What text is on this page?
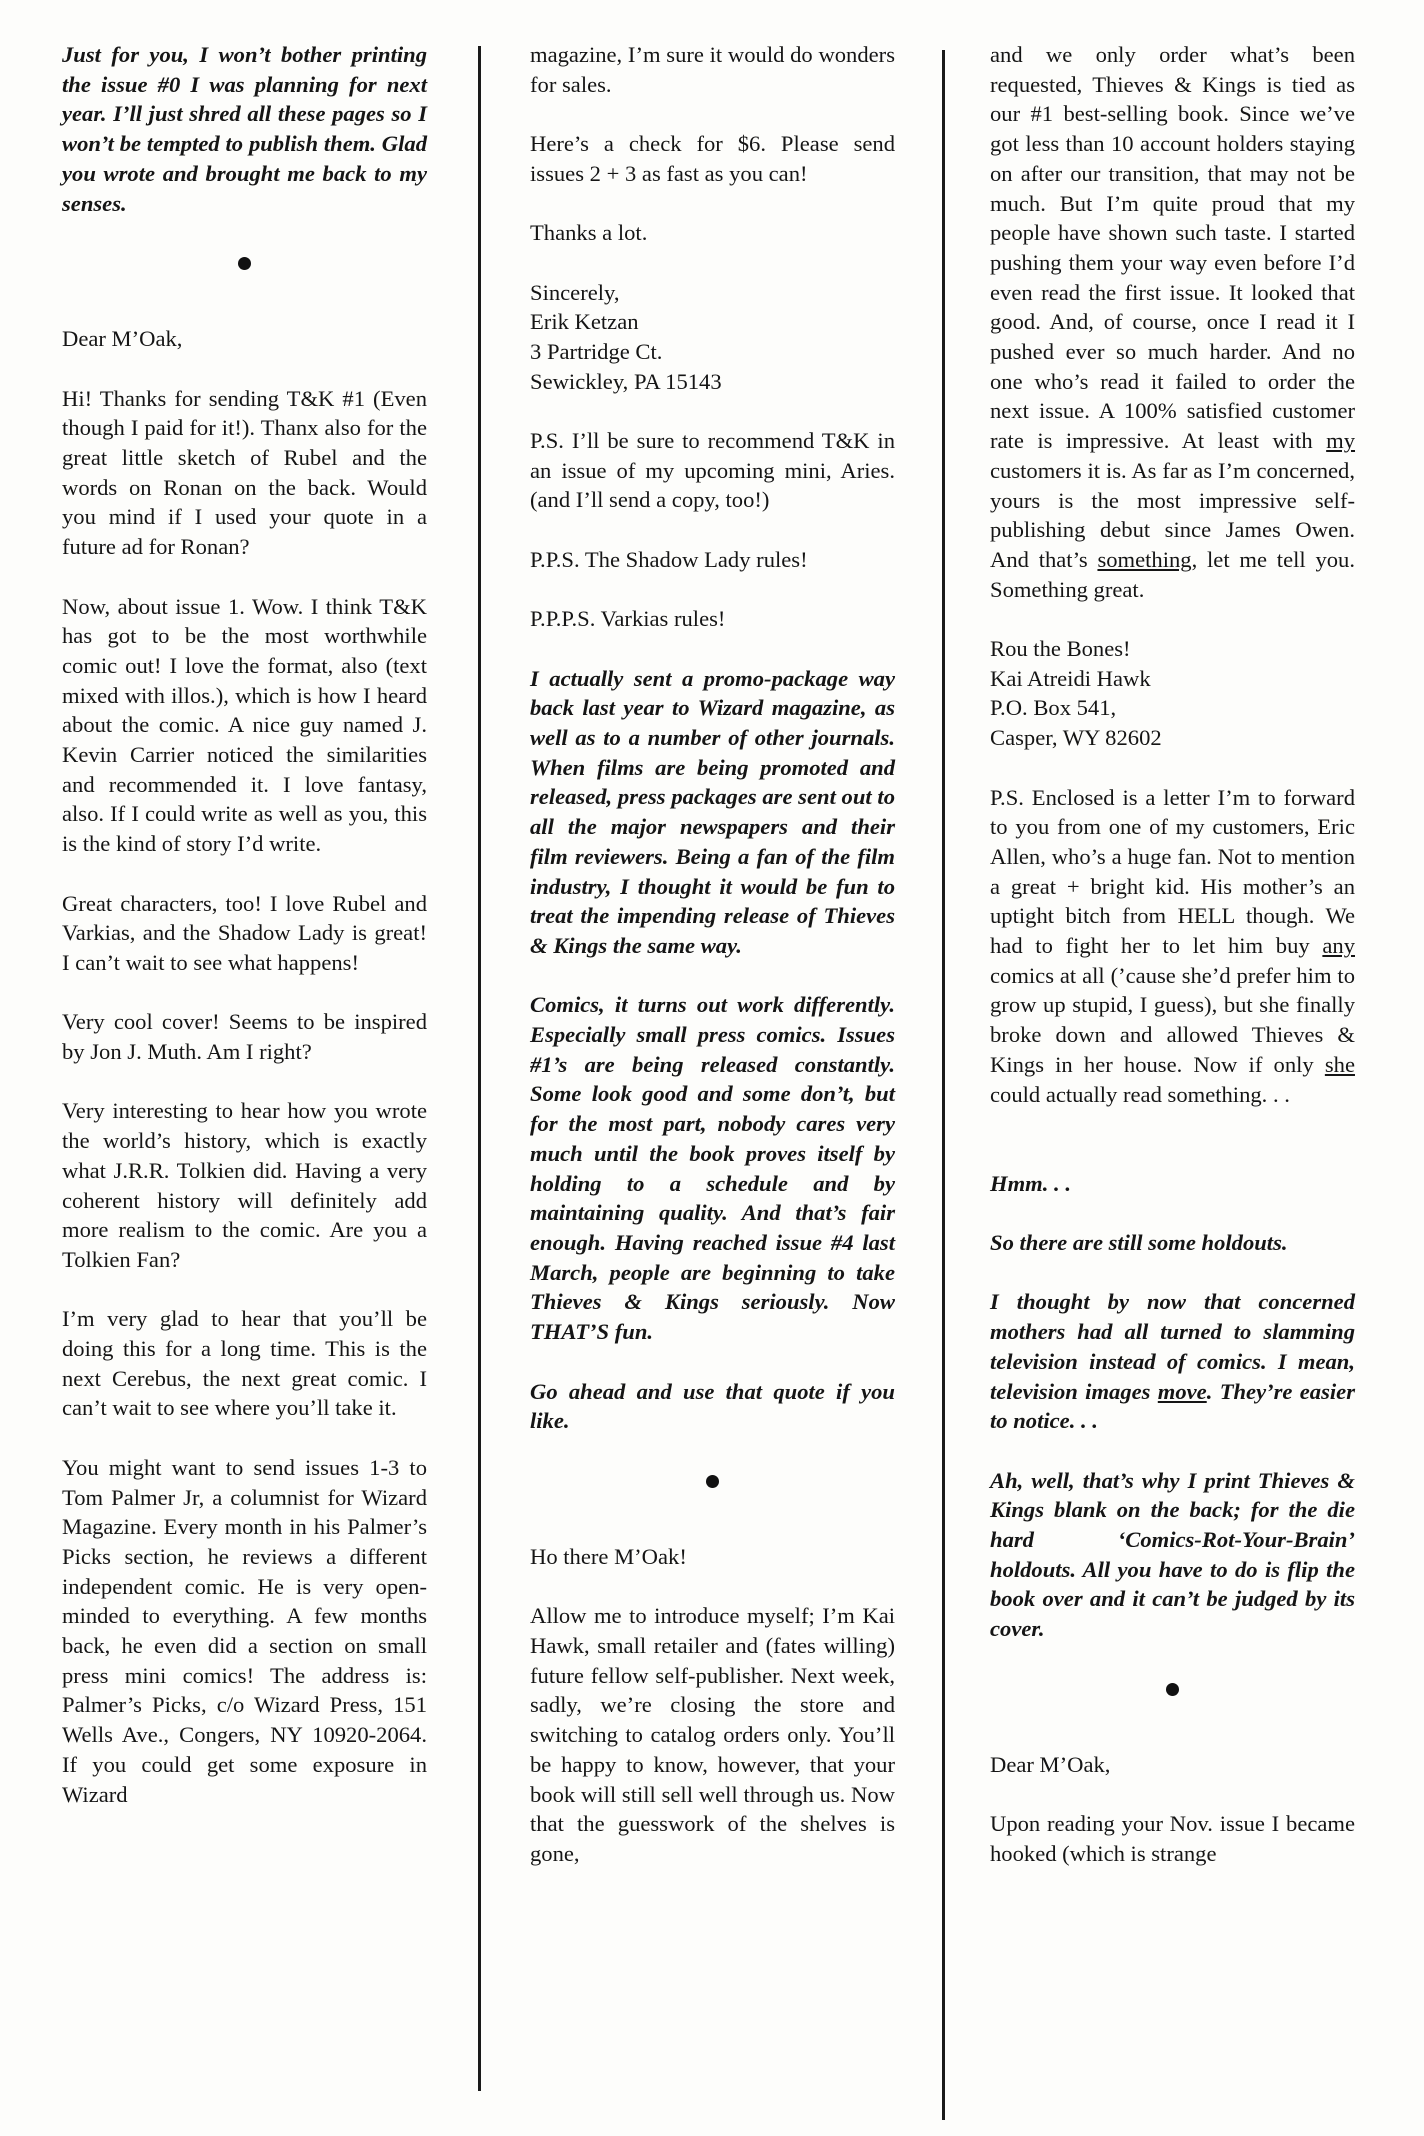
Just for you, I won’t bother printing the issue #0 I was planning for next year. I’ll just shred all these pages so I won’t be tempted to publish them. Glad you wrote and brought me back to my senses.

Dear M’Oak,

Hi! Thanks for sending T&K #1 (Even though I paid for it!). Thanx also for the great little sketch of Rubel and the words on Ronan on the back. Would you mind if I used your quote in a future ad for Ronan?

Now, about issue 1. Wow. I think T&K has got to be the most worthwhile comic out! I love the format, also (text mixed with illos.), which is how I heard about the comic. A nice guy named J. Kevin Carrier noticed the similarities and recommended it. I love fantasy, also. If I could write as well as you, this is the kind of story I’d write.

Great characters, too! I love Rubel and Varkias, and the Shadow Lady is great! I can’t wait to see what happens!

Very cool cover! Seems to be inspired by Jon J. Muth. Am I right?

Very interesting to hear how you wrote the world’s history, which is exactly what J.R.R. Tolkien did. Having a very coherent history will definitely add more realism to the comic. Are you a Tolkien Fan?

I’m very glad to hear that you’ll be doing this for a long time. This is the next Cerebus, the next great comic. I can’t wait to see where you’ll take it.

You might want to send issues 1-3 to Tom Palmer Jr, a columnist for Wizard Magazine. Every month in his Palmer’s Picks section, he reviews a different independent comic. He is very open-minded to everything. A few months back, he even did a section on small press mini comics! The address is: Palmer’s Picks, c/o Wizard Press, 151 Wells Ave., Congers, NY 10920-2064. If you could get some exposure in Wizard

magazine, I’m sure it would do wonders for sales.

Here’s a check for $6. Please send issues 2 + 3 as fast as you can!

Thanks a lot.

Sincerely,

Erik Ketzan

3 Partridge Ct.

Sewickley, PA 15143

P.S. I’ll be sure to recommend T&K in an issue of my upcoming mini, Aries. (and I’ll send a copy, too!)

P.P.S. The Shadow Lady rules!

P.P.P.S. Varkias rules!

I actually sent a promo-package way back last year to Wizard magazine, as well as to a number of other journals. When films are being promoted and released, press packages are sent out to all the major newspapers and their film reviewers. Being a fan of the film industry, I thought it would be fun to treat the impending release of Thieves & Kings the same way.

Comics, it turns out work differently. Especially small press comics. Issues #1’s are being released constantly. Some look good and some don’t, but for the most part, nobody cares very much until the book proves itself by holding to a schedule and by maintaining quality. And that’s fair enough. Having reached issue #4 last March, people are beginning to take Thieves & Kings seriously. Now THAT’S fun.

Go ahead and use that quote if you like.

Ho there M’Oak!

Allow me to introduce myself; I’m Kai Hawk, small retailer and (fates willing) future fellow self-publisher. Next week, sadly, we’re closing the store and switching to catalog orders only. You’ll be happy to know, however, that your book will still sell well through us. Now that the guesswork of the shelves is gone,

and we only order what’s been requested, Thieves & Kings is tied as our #1 best-selling book. Since we’ve got less than 10 account holders staying on after our transition, that may not be much. But I’m quite proud that my people have shown such taste. I started pushing them your way even before I’d even read the first issue. It looked that good. And, of course, once I read it I pushed ever so much harder. And no one who’s read it failed to order the next issue. A 100% satisfied customer rate is impressive. At least with my customers it is. As far as I’m concerned, yours is the most impressive self-publishing debut since James Owen. And that’s something, let me tell you. Something great.

Rou the Bones!

Kai Atreidi Hawk

P.O. Box 541,

Casper, WY 82602

P.S. Enclosed is a letter I’m to forward to you from one of my customers, Eric Allen, who’s a huge fan. Not to mention a great + bright kid. His mother’s an uptight bitch from HELL though. We had to fight her to let him buy any comics at all (’cause she’d prefer him to grow up stupid, I guess), but she finally broke down and allowed Thieves & Kings in her house. Now if only she could actually read something. . .

Hmm. . .

So there are still some holdouts.

I thought by now that concerned mothers had all turned to slamming television instead of comics. I mean, television images move. They’re easier to notice. . .

Ah, well, that’s why I print Thieves & Kings blank on the back; for the die hard ‘Comics-Rot-Your-Brain’ holdouts. All you have to do is flip the book over and it can’t be judged by its cover.

Dear M’Oak,

Upon reading your Nov. issue I became hooked (which is strange
